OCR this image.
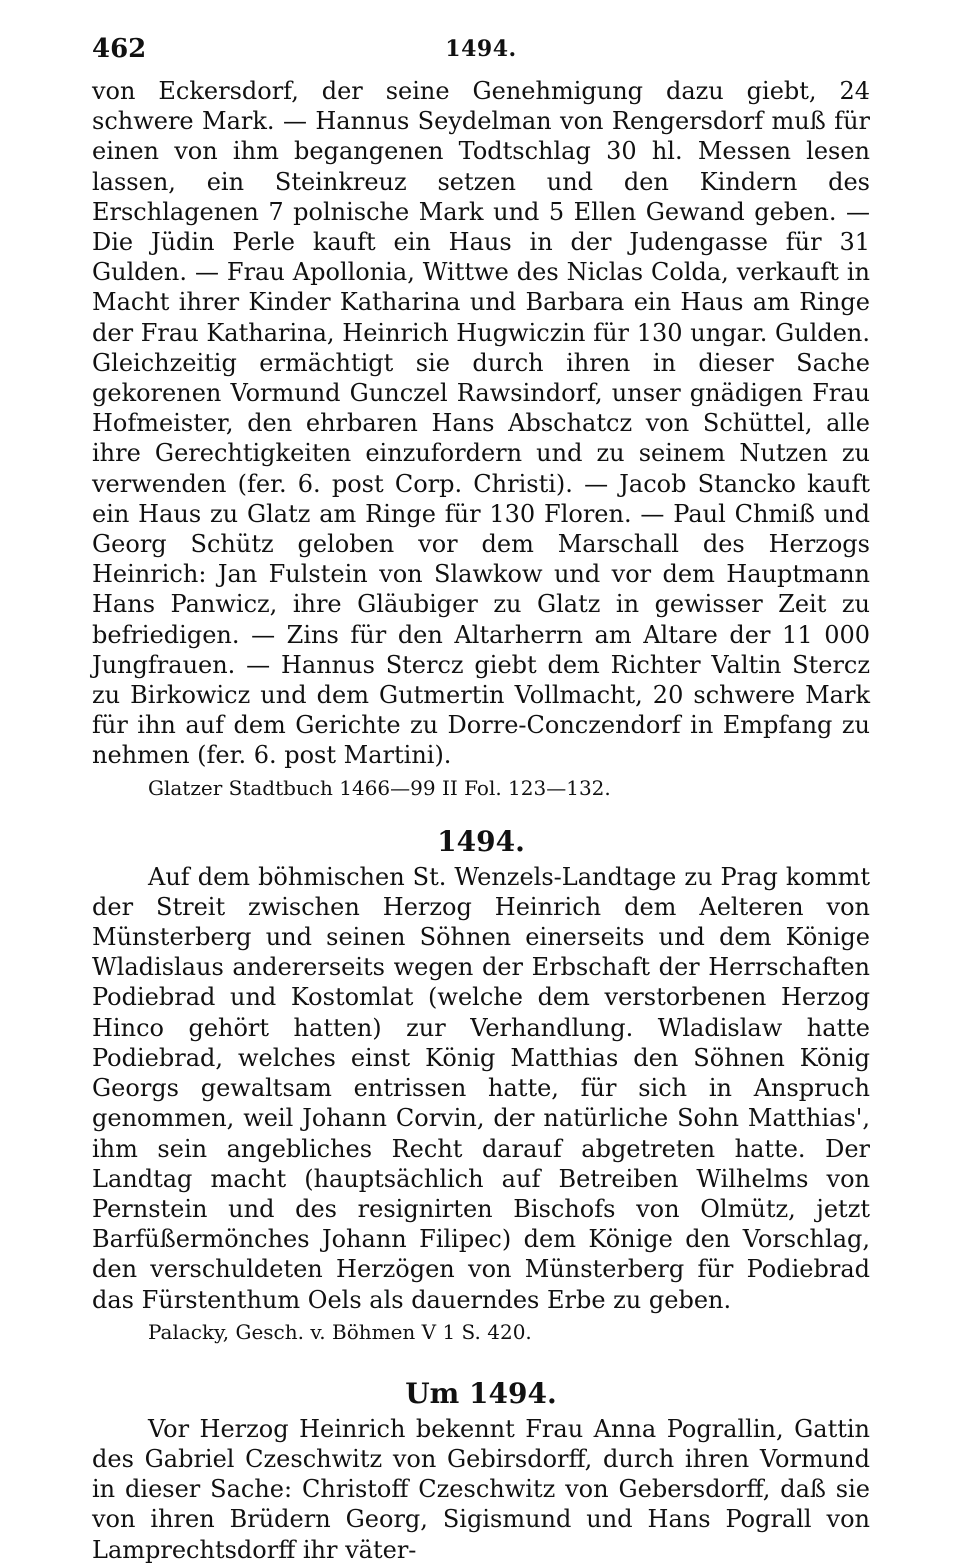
462	1494.

von Eckersdorf, der seine Genehmigung dazu giebt, 24 schwere Mark. — Hannus Seydelman von Rengersdorf muß für einen von ihm begangenen Todtschlag 30 hl. Messen lesen lassen, ein Steinkreuz setzen und den Kindern des Erschlagenen 7 polnische Mark und 5 Ellen Gewand geben. — Die Jüdin Perle kauft ein Haus in der Judengasse für 31 Gulden. — Frau Apollonia, Wittwe des Niclas Colda, verkauft in Macht ihrer Kinder Katharina und Barbara ein Haus am Ringe der Frau Katharina, Heinrich Hugwiczin für 130 ungar. Gulden. Gleichzeitig ermächtigt sie durch ihren in dieser Sache gekorenen Vormund Gunczel Rawsindorf, unser gnädigen Frau Hofmeister, den ehrbaren Hans Abschatcz von Schüttel, alle ihre Gerechtigkeiten einzufordern und zu seinem Nutzen zu verwenden (fer. 6. post Corp. Christi). — Jacob Stancko kauft ein Haus zu Glatz am Ringe für 130 Floren. — Paul Chmiß und Georg Schütz geloben vor dem Marschall des Herzogs Heinrich: Jan Fulstein von Slawkow und vor dem Hauptmann Hans Panwicz, ihre Gläubiger zu Glatz in gewisser Zeit zu befriedigen. — Zins für den Altarherrn am Altare der 11 000 Jungfrauen. — Hannus Stercz giebt dem Richter Valtin Stercz zu Birkowicz und dem Gutmertin Vollmacht, 20 schwere Mark für ihn auf dem Gerichte zu Dorre-Conczendorf in Empfang zu nehmen (fer. 6. post Martini).

Glatzer Stadtbuch 1466—99 II Fol. 123—132.

1494.

Auf dem böhmischen St. Wenzels-Landtage zu Prag kommt der Streit zwischen Herzog Heinrich dem Aelteren von Münsterberg und seinen Söhnen einerseits und dem Könige Wladislaus andererseits wegen der Erbschaft der Herrschaften Podiebrad und Kostomlat (welche dem verstorbenen Herzog Hinco gehört hatten) zur Verhandlung. Wladislaw hatte Podiebrad, welches einst König Matthias den Söhnen König Georgs gewaltsam entrissen hatte, für sich in Anspruch genommen, weil Johann Corvin, der natürliche Sohn Matthias', ihm sein angebliches Recht darauf abgetreten hatte. Der Landtag macht (hauptsächlich auf Betreiben Wilhelms von Pernstein und des resignirten Bischofs von Olmütz, jetzt Barfüßermönches Johann Filipec) dem Könige den Vorschlag, den verschuldeten Herzögen von Münsterberg für Podiebrad das Fürstenthum Oels als dauerndes Erbe zu geben.

Palacky, Gesch. v. Böhmen V 1 S. 420.

Um 1494.

Vor Herzog Heinrich bekennt Frau Anna Pograllin, Gattin des Gabriel Czeschwitz von Gebirsdorff, durch ihren Vormund in dieser Sache: Christoff Czeschwitz von Gebersdorff, daß sie von ihren Brüdern Georg, Sigismund und Hans Pograll von Lamprechtsdorff ihr väter-
